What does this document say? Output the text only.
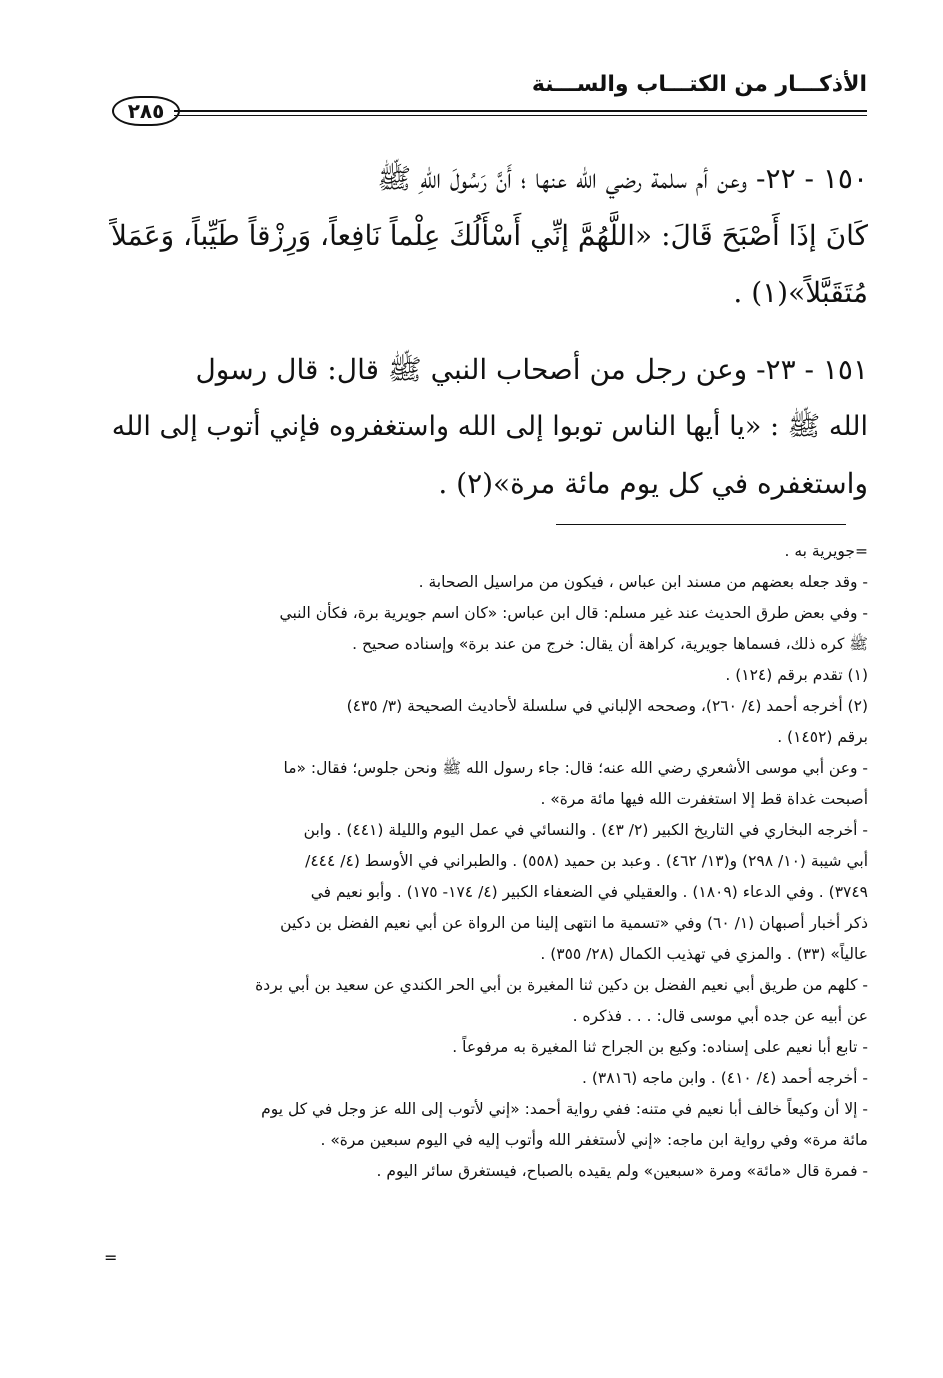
الأذكـــار من الكتـــاب والســـنة
٢٨٥
١٥٠ - ٢٢- وعن أم سلمة رضي الله عنها ؛ أَنَّ رَسُولَ اللهِ ﷺ
كَانَ إذَا أَصْبَحَ قَالَ: «اللَّهُمَّ إنِّي أَسْأَلُكَ عِلْماً نَافِعاً، وَرِزْقاً طَيِّباً، وَعَمَلاً
مُتَقَبَّلاً»(١) .
١٥١ - ٢٣- وعن رجل من أصحاب النبي ﷺ قال: قال رسول
الله ﷺ : «يا أيها الناس توبوا إلى الله واستغفروه فإني أتوب إلى الله
واستغفره في كل يوم مائة مرة»(٢) .
=جويرية به .
- وقد جعله بعضهم من مسند ابن عباس ، فيكون من مراسيل الصحابة .
- وفي بعض طرق الحديث عند غير مسلم: قال ابن عباس: «كان اسم جويرية برة، فكأن النبي
ﷺ كره ذلك، فسماها جويرية، كراهة أن يقال: خرج من عند برة» وإسناده صحيح .
(١) تقدم برقم (١٢٤) .
(٢) أخرجه أحمد (٤/ ٢٦٠)، وصححه الإلباني في سلسلة لأحاديث الصحيحة (٣/ ٤٣٥)
برقم (١٤٥٢) .
- وعن أبي موسى الأشعري رضي الله عنه؛ قال: جاء رسول الله ﷺ ونحن جلوس؛ فقال: «ما
أصبحت غداة قط إلا استغفرت الله فيها مائة مرة» .
- أخرجه البخاري في التاريخ الكبير (٢/ ٤٣) . والنسائي في عمل اليوم والليلة (٤٤١) . وابن
أبي شيبة (١٠/ ٢٩٨) و(١٣/ ٤٦٢) . وعبد بن حميد (٥٥٨) . والطبراني في الأوسط (٤/ ٤٤٤/
٣٧٤٩) . وفي الدعاء (١٨٠٩) . والعقيلي في الضعفاء الكبير (٤/ ١٧٤- ١٧٥) . وأبو نعيم في
ذكر أخبار أصبهان (١/ ٦٠) وفي «تسمية ما انتهى إلينا من الرواة عن أبي نعيم الفضل بن دكين
عالياً» (٣٣) . والمزي في تهذيب الكمال (٢٨/ ٣٥٥) .
- كلهم من طريق أبي نعيم الفضل بن دكين ثنا المغيرة بن أبي الحر الكندي عن سعيد بن أبي بردة
عن أبيه عن جده أبي موسى قال: . . . فذكره .
- تابع أبا نعيم على إسناده: وكيع بن الجراح ثنا المغيرة به مرفوعاً .
- أخرجه أحمد (٤/ ٤١٠) . وابن ماجه (٣٨١٦) .
- إلا أن وكيعاً خالف أبا نعيم في متنه: ففي رواية أحمد: «إني لأتوب إلى الله عز وجل في كل يوم
مائة مرة» وفي رواية ابن ماجه: «إني لأستغفر الله وأتوب إليه في اليوم سبعين مرة» .
- فمرة قال «مائة» ومرة «سبعين» ولم يقيده بالصباح، فيستغرق سائر اليوم .
=
